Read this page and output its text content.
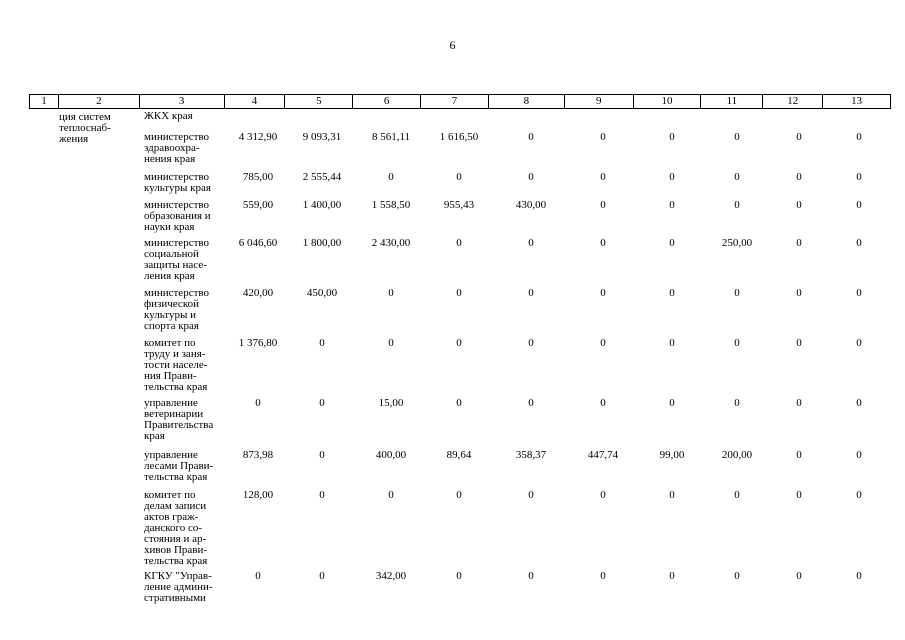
6
1	2	3	4	5	6	7	8	9	10	11	12	13
ция систем
теплоснаб-
жения
ЖКХ края
министерство
здравоохра-
нения края
4 312,90	9 093,31	8 561,11	1 616,50	0	0	0	0	0	0
министерство
культуры края
785,00	2 555,44	0	0	0	0	0	0	0	0
министерство
образования и
науки края
559,00	1 400,00	1 558,50	955,43	430,00	0	0	0	0	0
министерство
социальной
защиты насе-
ления края
6 046,60	1 800,00	2 430,00	0	0	0	0	250,00	0	0
министерство
физической
культуры и
спорта края
420,00	450,00	0	0	0	0	0	0	0	0
комитет по
труду и заня-
тости населе-
ния Прави-
тельства края
1 376,80	0	0	0	0	0	0	0	0	0
управление
ветеринарии
Правительства
края
0	0	15,00	0	0	0	0	0	0	0
управление
лесами Прави-
тельства края
873,98	0	400,00	89,64	358,37	447,74	99,00	200,00	0	0
комитет по
делам записи
актов граж-
данского со-
стояния и ар-
хивов Прави-
тельства края
128,00	0	0	0	0	0	0	0	0	0
КГКУ "Управ-
ление админи-
стративными
0	0	342,00	0	0	0	0	0	0	0
